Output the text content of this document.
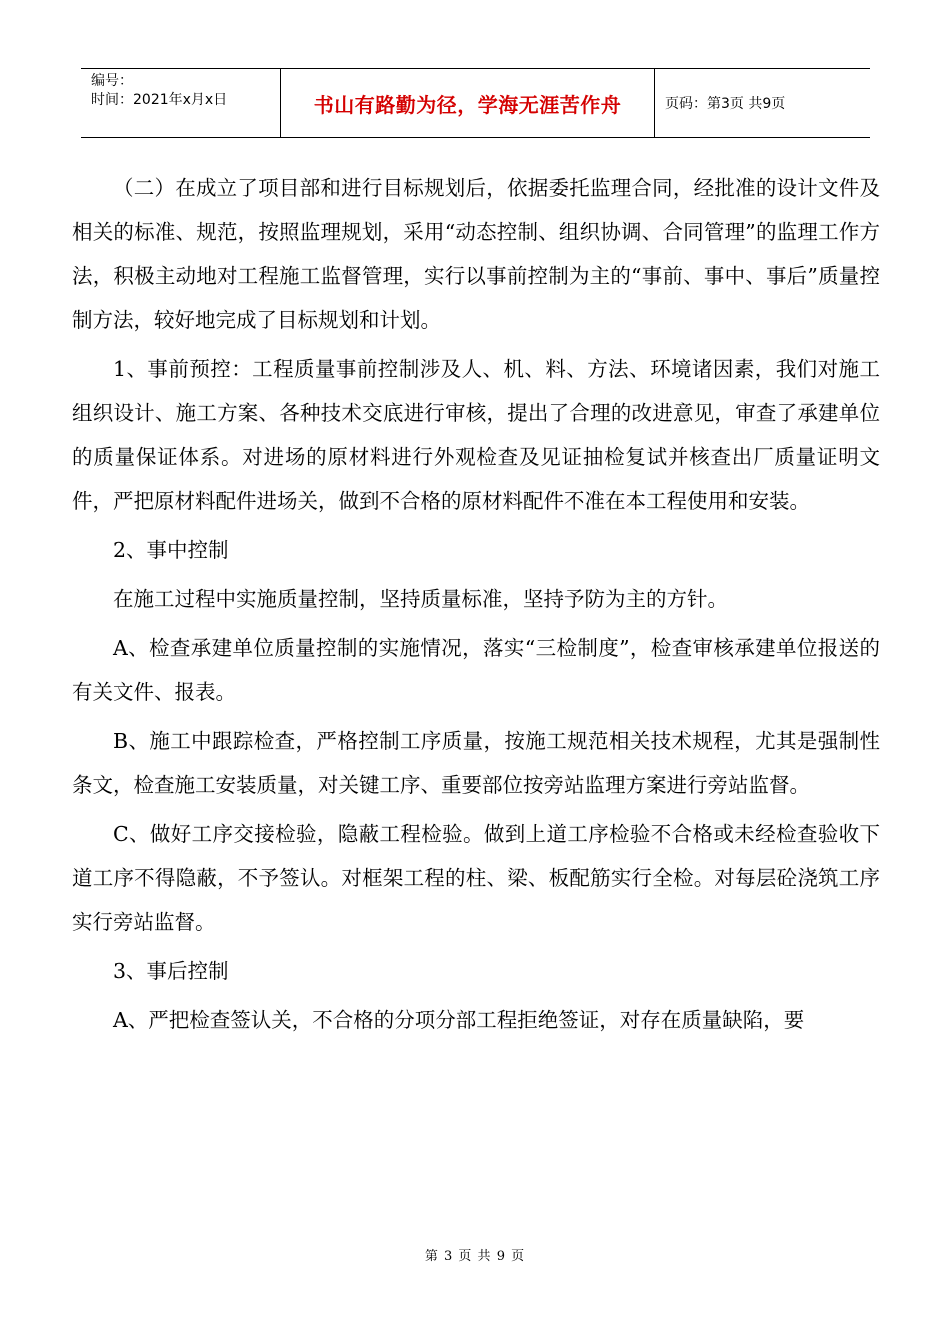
编号：
时间：2021年x月x日	书山有路勤为径，学海无涯苦作舟	页码：第3页 共9页

（二）在成立了项目部和进行目标规划后，依据委托监理合同，经批准的设计文件及相关的标准、规范，按照监理规划，采用“动态控制、组织协调、合同管理”的监理工作方法，积极主动地对工程施工监督管理，实行以事前控制为主的“事前、事中、事后”质量控制方法，较好地完成了目标规划和计划。

1、事前预控：工程质量事前控制涉及人、机、料、方法、环境诸因素，我们对施工组织设计、施工方案、各种技术交底进行审核，提出了合理的改进意见，审查了承建单位的质量保证体系。对进场的原材料进行外观检查及见证抽检复试并核查出厂质量证明文件，严把原材料配件进场关，做到不合格的原材料配件不准在本工程使用和安装。

2、事中控制

在施工过程中实施质量控制，坚持质量标准，坚持予防为主的方针。

A、检查承建单位质量控制的实施情况，落实“三检制度”，检查审核承建单位报送的有关文件、报表。

B、施工中跟踪检查，严格控制工序质量，按施工规范相关技术规程，尤其是强制性条文，检查施工安装质量，对关键工序、重要部位按旁站监理方案进行旁站监督。

C、做好工序交接检验，隐蔽工程检验。做到上道工序检验不合格或未经检查验收下道工序不得隐蔽，不予签认。对框架工程的柱、梁、板配筋实行全检。对每层砼浇筑工序实行旁站监督。

3、事后控制

A、严把检查签认关，不合格的分项分部工程拒绝签证，对存在质量缺陷，要

第 3 页 共 9 页
